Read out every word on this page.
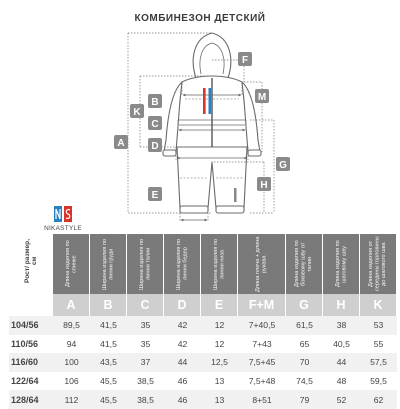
КОМБИНЕЗОН ДЕТСКИЙ
A
B
K
C
D
E
F
M
G
H
NIKASTYLE
Рост/ размер, см	Длина изделия по спинке	Ширина изделия по линии груди	Ширина изделия по линии талии	Ширина изделия по линии бедер	Ширина изделия по линии низа	Длина плеча + длина рукава	Длина изделия по боковому шву от талии	Длина изделия по шаговому шву	Длина изделия от середины горловины до шагового шва

	A	B	C	D	E	F+M	G	H	K
104/56	89,5	41,5	35	42	12	7+40,5	61,5	38	53
110/56	94	41,5	35	42	12	7+43	65	40,5	55
116/60	100	43,5	37	44	12,5	7,5+45	70	44	57,5
122/64	106	45,5	38,5	46	13	7,5+48	74,5	48	59,5
128/64	112	45,5	38,5	46	13	8+51	79	52	62
